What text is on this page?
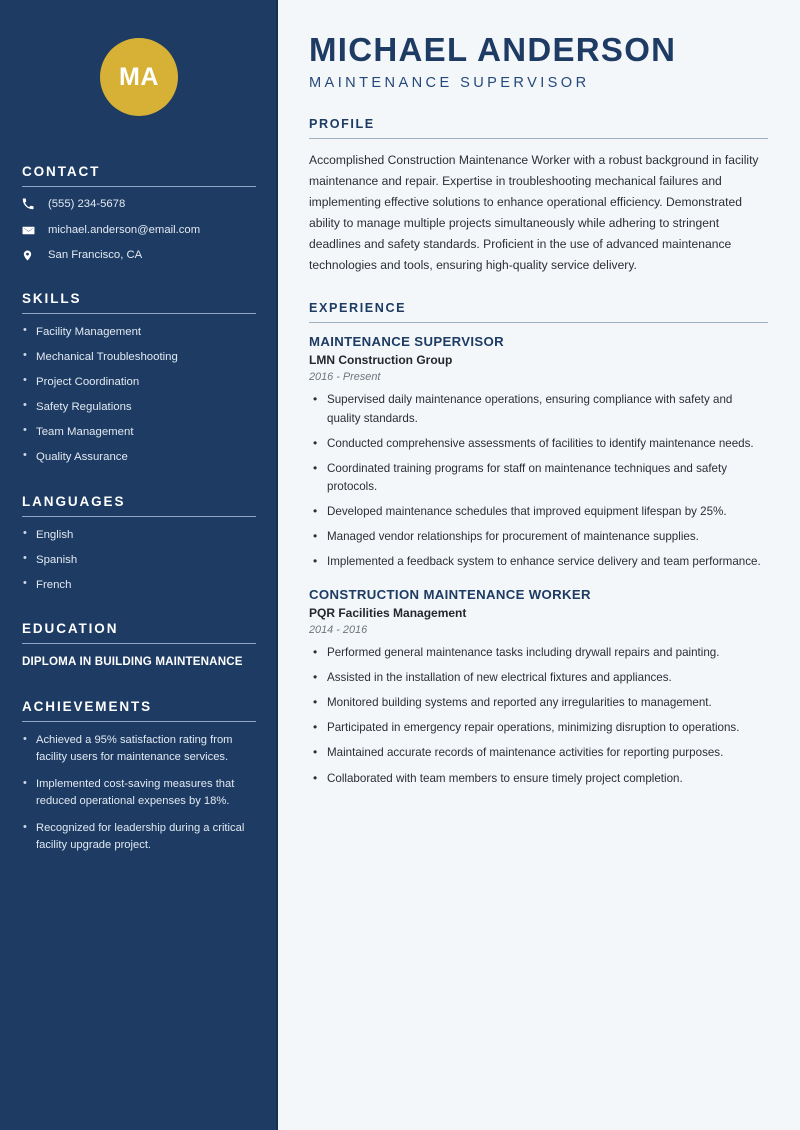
MA
CONTACT
(555) 234-5678
michael.anderson@email.com
San Francisco, CA
SKILLS
• Facility Management
• Mechanical Troubleshooting
• Project Coordination
• Safety Regulations
• Team Management
• Quality Assurance
LANGUAGES
• English
• Spanish
• French
EDUCATION
DIPLOMA IN BUILDING MAINTENANCE
ACHIEVEMENTS
• Achieved a 95% satisfaction rating from facility users for maintenance services.
• Implemented cost-saving measures that reduced operational expenses by 18%.
• Recognized for leadership during a critical facility upgrade project.
MICHAEL ANDERSON
MAINTENANCE SUPERVISOR
PROFILE

Accomplished Construction Maintenance Worker with a robust background in facility maintenance and repair. Expertise in troubleshooting mechanical failures and implementing effective solutions to enhance operational efficiency. Demonstrated ability to manage multiple projects simultaneously while adhering to stringent deadlines and safety standards. Proficient in the use of advanced maintenance technologies and tools, ensuring high-quality service delivery.

EXPERIENCE
MAINTENANCE SUPERVISOR
LMN Construction Group
2016 - Present
• Supervised daily maintenance operations, ensuring compliance with safety and quality standards.
• Conducted comprehensive assessments of facilities to identify maintenance needs.
• Coordinated training programs for staff on maintenance techniques and safety protocols.
• Developed maintenance schedules that improved equipment lifespan by 25%.
• Managed vendor relationships for procurement of maintenance supplies.
• Implemented a feedback system to enhance service delivery and team performance.
CONSTRUCTION MAINTENANCE WORKER
PQR Facilities Management
2014 - 2016
• Performed general maintenance tasks including drywall repairs and painting.
• Assisted in the installation of new electrical fixtures and appliances.
• Monitored building systems and reported any irregularities to management.
• Participated in emergency repair operations, minimizing disruption to operations.
• Maintained accurate records of maintenance activities for reporting purposes.
• Collaborated with team members to ensure timely project completion.
